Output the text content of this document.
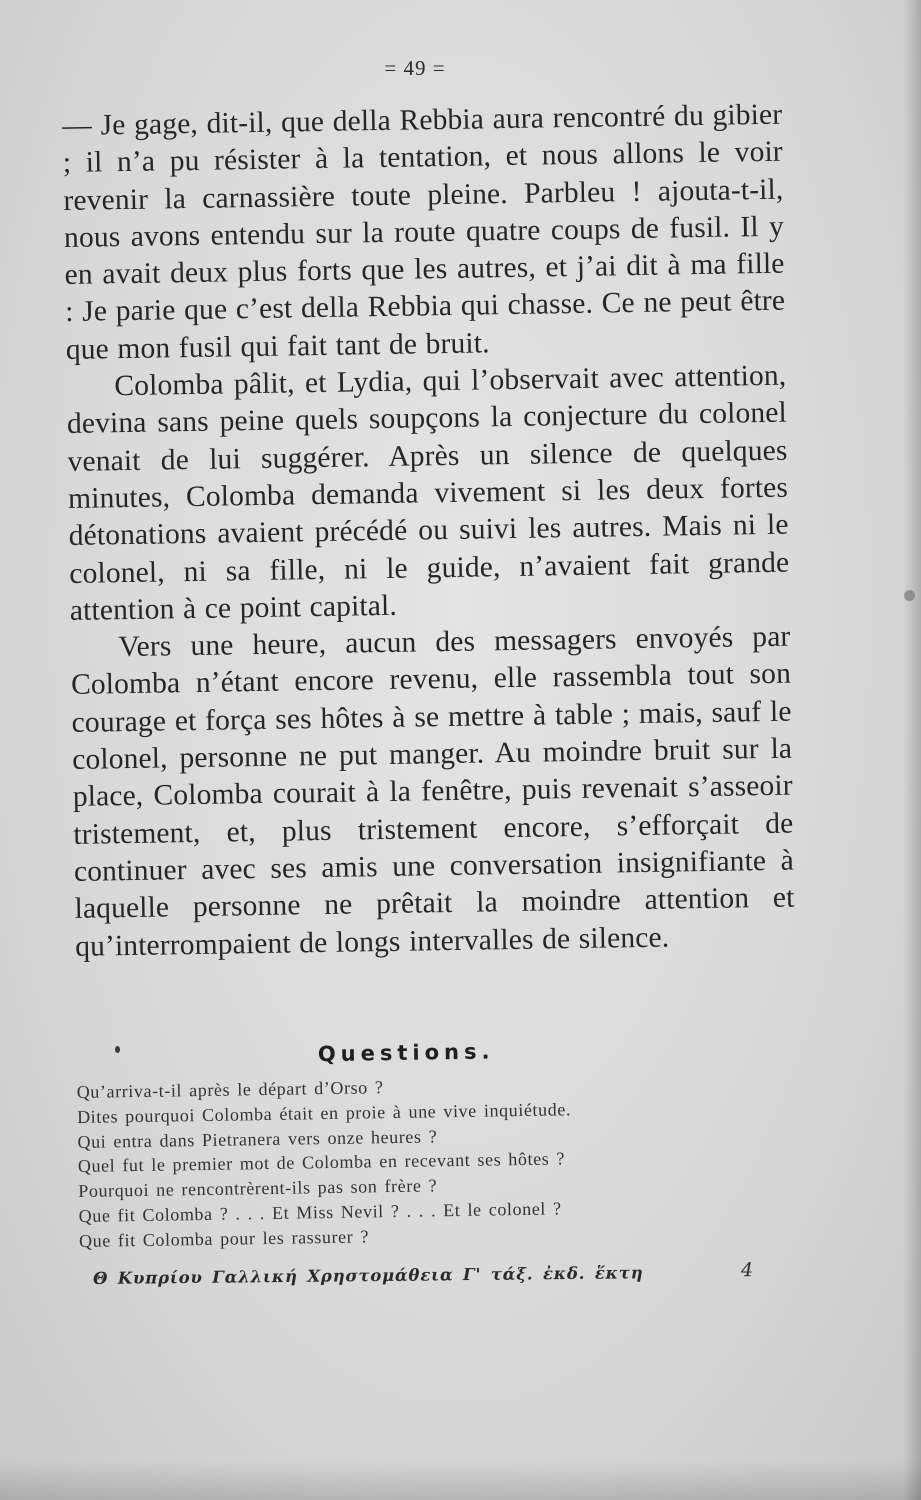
= 49 =

— Je gage, dit-il, que della Rebbia aura rencontré du gibier ; il n’a pu résister à la tentation, et nous allons le voir revenir la carnassière toute pleine. Parbleu ! ajouta-t-il, nous avons entendu sur la route quatre coups de fusil. Il y en avait deux plus forts que les autres, et j’ai dit à ma fille : Je parie que c’est della Rebbia qui chasse. Ce ne peut être que mon fusil qui fait tant de bruit.

Colomba pâlit, et Lydia, qui l’observait avec attention, devina sans peine quels soupçons la conjecture du colonel venait de lui suggérer. Après un silence de quelques minutes, Colomba demanda vivement si les deux fortes détonations avaient précédé ou suivi les autres. Mais ni le colonel, ni sa fille, ni le guide, n’avaient fait grande attention à ce point capital.

Vers une heure, aucun des messagers envoyés par Colomba n’étant encore revenu, elle rassembla tout son courage et força ses hôtes à se mettre à table ; mais, sauf le colonel, personne ne put manger. Au moindre bruit sur la place, Colomba courait à la fenêtre, puis revenait s’asseoir tristement, et, plus tristement encore, s’efforçait de continuer avec ses amis une conversation insignifiante à laquelle personne ne prêtait la moindre attention et qu’interrompaient de longs intervalles de silence.

Questions.
Qu’arriva-t-il après le départ d’Orso ?
Dites pourquoi Colomba était en proie à une vive inquiétude.
Qui entra dans Pietranera vers onze heures ?
Quel fut le premier mot de Colomba en recevant ses hôtes ?
Pourquoi ne rencontrèrent-ils pas son frère ?
Que fit Colomba ? . . . Et Miss Nevil ? . . . Et le colonel ?
Que fit Colomba pour les rassurer ?
Θ Κυπρίου Γαλλική Χρηστομάθεια Γ' τάξ. ἐκδ. ἕκτη	4
